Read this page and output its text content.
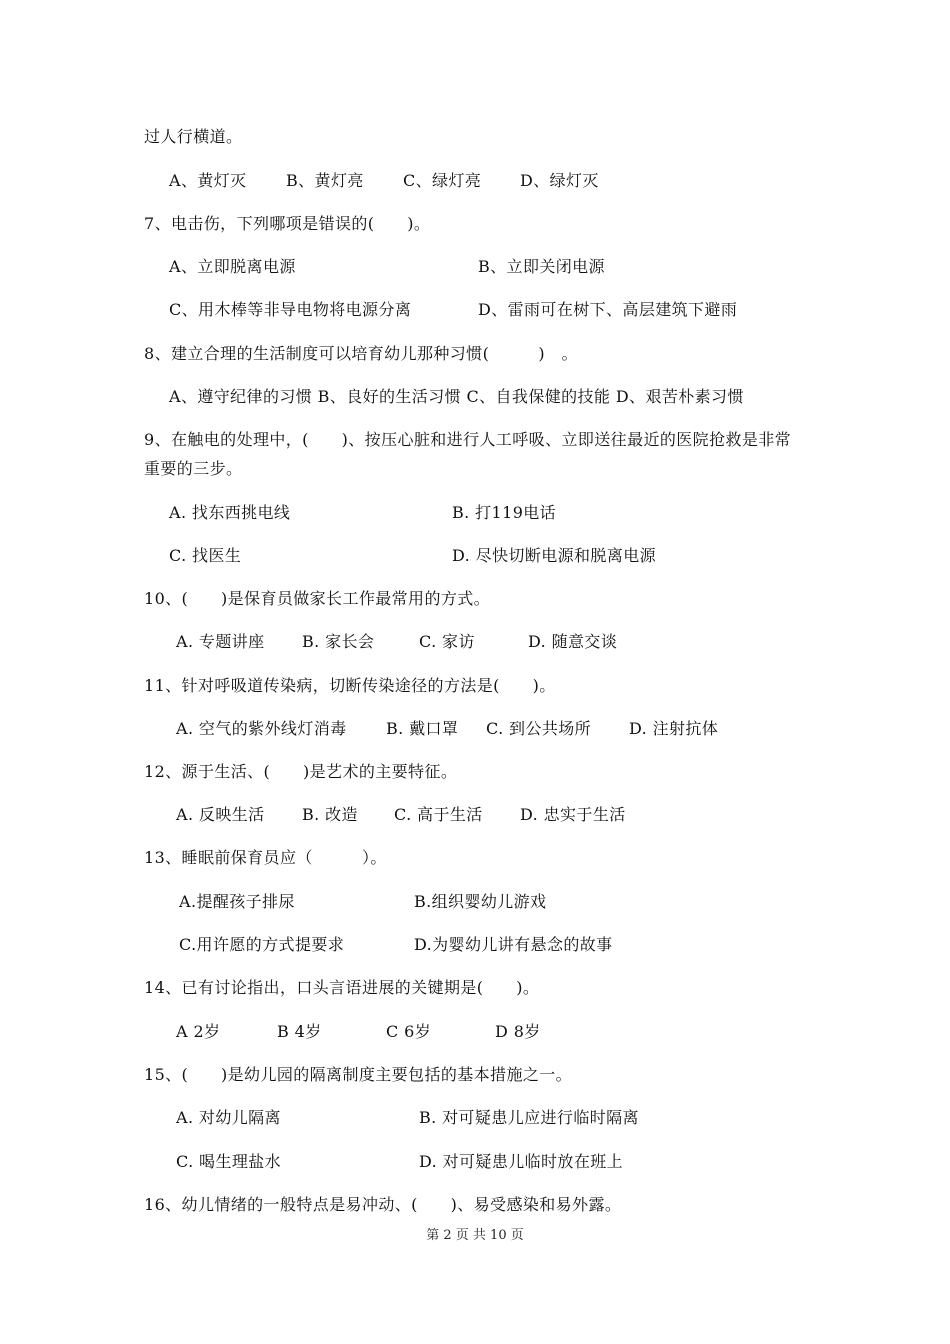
过人行横道。
A、黄灯灭 B、黄灯亮 C、绿灯亮 D、绿灯灭
7、电击伤，下列哪项是错误的(　　)。
A、立即脱离电源	B、立即关闭电源
C、用木棒等非导电物将电源分离	D、雷雨可在树下、高层建筑下避雨
8、建立合理的生活制度可以培育幼儿那种习惯(　　　)　。
A、遵守纪律的习惯 B、良好的生活习惯 C、自我保健的技能 D、艰苦朴素习惯
9、在触电的处理中，(　　)、按压心脏和进行人工呼吸、立即送往最近的医院抢救是非常
重要的三步。
A. 找东西挑电线	B. 打119电话
C. 找医生	D. 尽快切断电源和脱离电源
10、(　　)是保育员做家长工作最常用的方式。
A. 专题讲座 B. 家长会	C. 家访	D. 随意交谈
11、针对呼吸道传染病，切断传染途径的方法是(　　)。
A. 空气的紫外线灯消毒 B. 戴口罩 C. 到公共场所 D. 注射抗体
12、源于生活、(　　)是艺术的主要特征。
A. 反映生活 B. 改造 C. 高于生活 D. 忠实于生活
13、睡眠前保育员应（　　　）。
A.提醒孩子排尿	B.组织婴幼儿游戏
C.用许愿的方式提要求	D.为婴幼儿讲有悬念的故事
14、已有讨论指出，口头言语进展的关键期是(　　)。
A 2岁	B 4岁	C 6岁	D 8岁
15、(　　)是幼儿园的隔离制度主要包括的基本措施之一。
A. 对幼儿隔离	B. 对可疑患儿应进行临时隔离
C. 喝生理盐水	D. 对可疑患儿临时放在班上
16、幼儿情绪的一般特点是易冲动、(　　)、易受感染和易外露。
第 2 页 共 10 页
